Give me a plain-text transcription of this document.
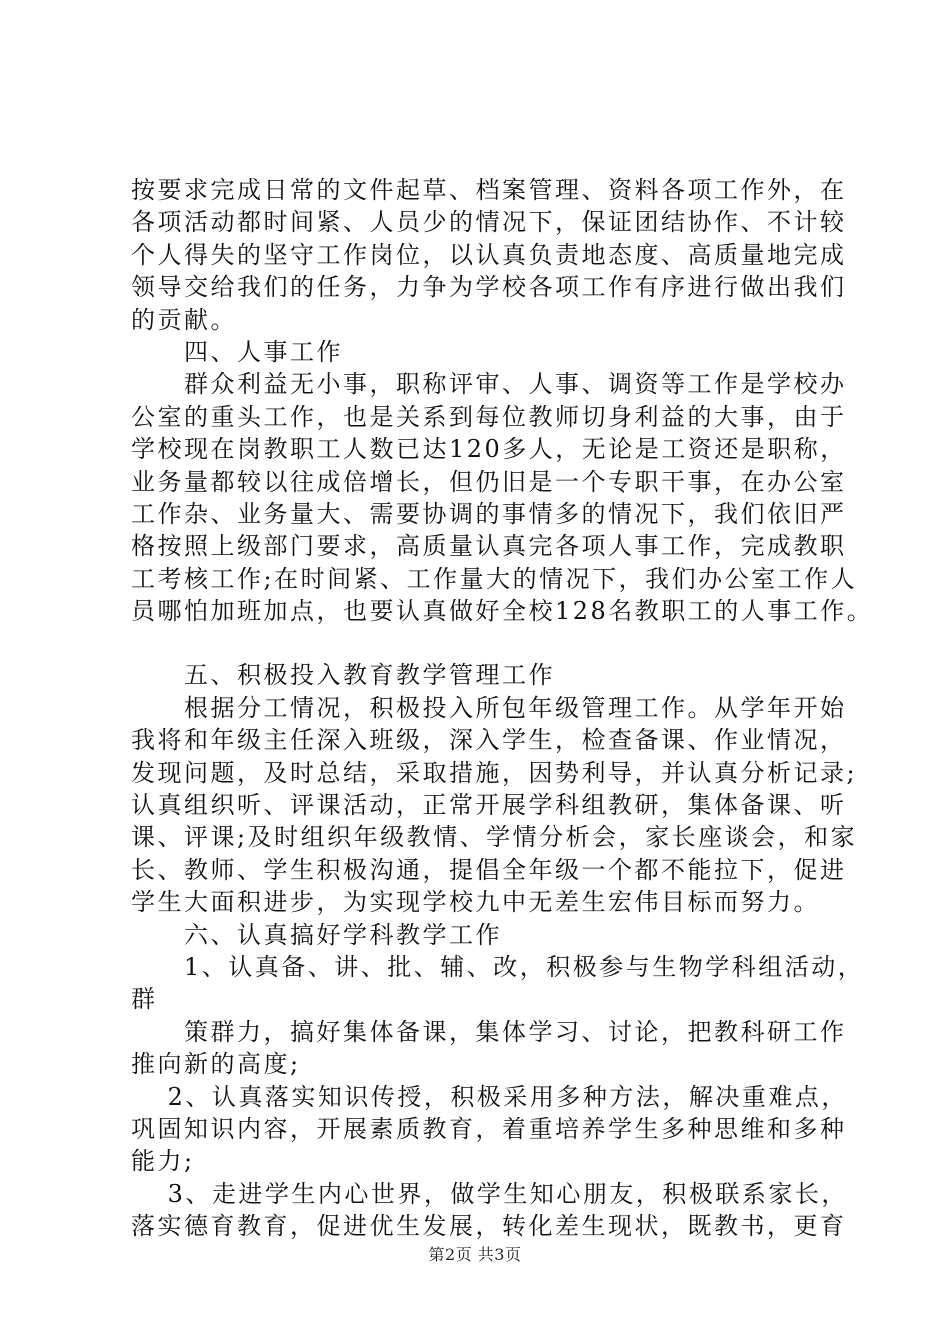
按要求完成日常的文件起草、档案管理、资料各项工作外，在
各项活动都时间紧、人员少的情况下，保证团结协作、不计较
个人得失的坚守工作岗位，以认真负责地态度、高质量地完成
领导交给我们的任务，力争为学校各项工作有序进行做出我们
的贡献。
　　四、人事工作
　　群众利益无小事，职称评审、人事、调资等工作是学校办
公室的重头工作，也是关系到每位教师切身利益的大事，由于
学校现在岗教职工人数已达120多人，无论是工资还是职称，
业务量都较以往成倍增长，但仍旧是一个专职干事，在办公室
工作杂、业务量大、需要协调的事情多的情况下，我们依旧严
格按照上级部门要求，高质量认真完各项人事工作，完成教职
工考核工作;在时间紧、工作量大的情况下，我们办公室工作人
员哪怕加班加点，也要认真做好全校128名教职工的人事工作。
　　五、积极投入教育教学管理工作
　　根据分工情况，积极投入所包年级管理工作。从学年开始
我将和年级主任深入班级，深入学生，检查备课、作业情况，
发现问题，及时总结，采取措施，因势利导，并认真分析记录;
认真组织听、评课活动，正常开展学科组教研，集体备课、听
课、评课;及时组织年级教情、学情分析会，家长座谈会，和家
长、教师、学生积极沟通，提倡全年级一个都不能拉下，促进
学生大面积进步，为实现学校九中无差生宏伟目标而努力。
　　六、认真搞好学科教学工作
　　1、认真备、讲、批、辅、改，积极参与生物学科组活动，
群
　　策群力，搞好集体备课，集体学习、讨论，把教科研工作
推向新的高度;
　 2、认真落实知识传授，积极采用多种方法，解决重难点，
巩固知识内容，开展素质教育，着重培养学生多种思维和多种
能力;
　 3、走进学生内心世界，做学生知心朋友，积极联系家长，
落实德育教育，促进优生发展，转化差生现状，既教书，更育
第2页 共3页
